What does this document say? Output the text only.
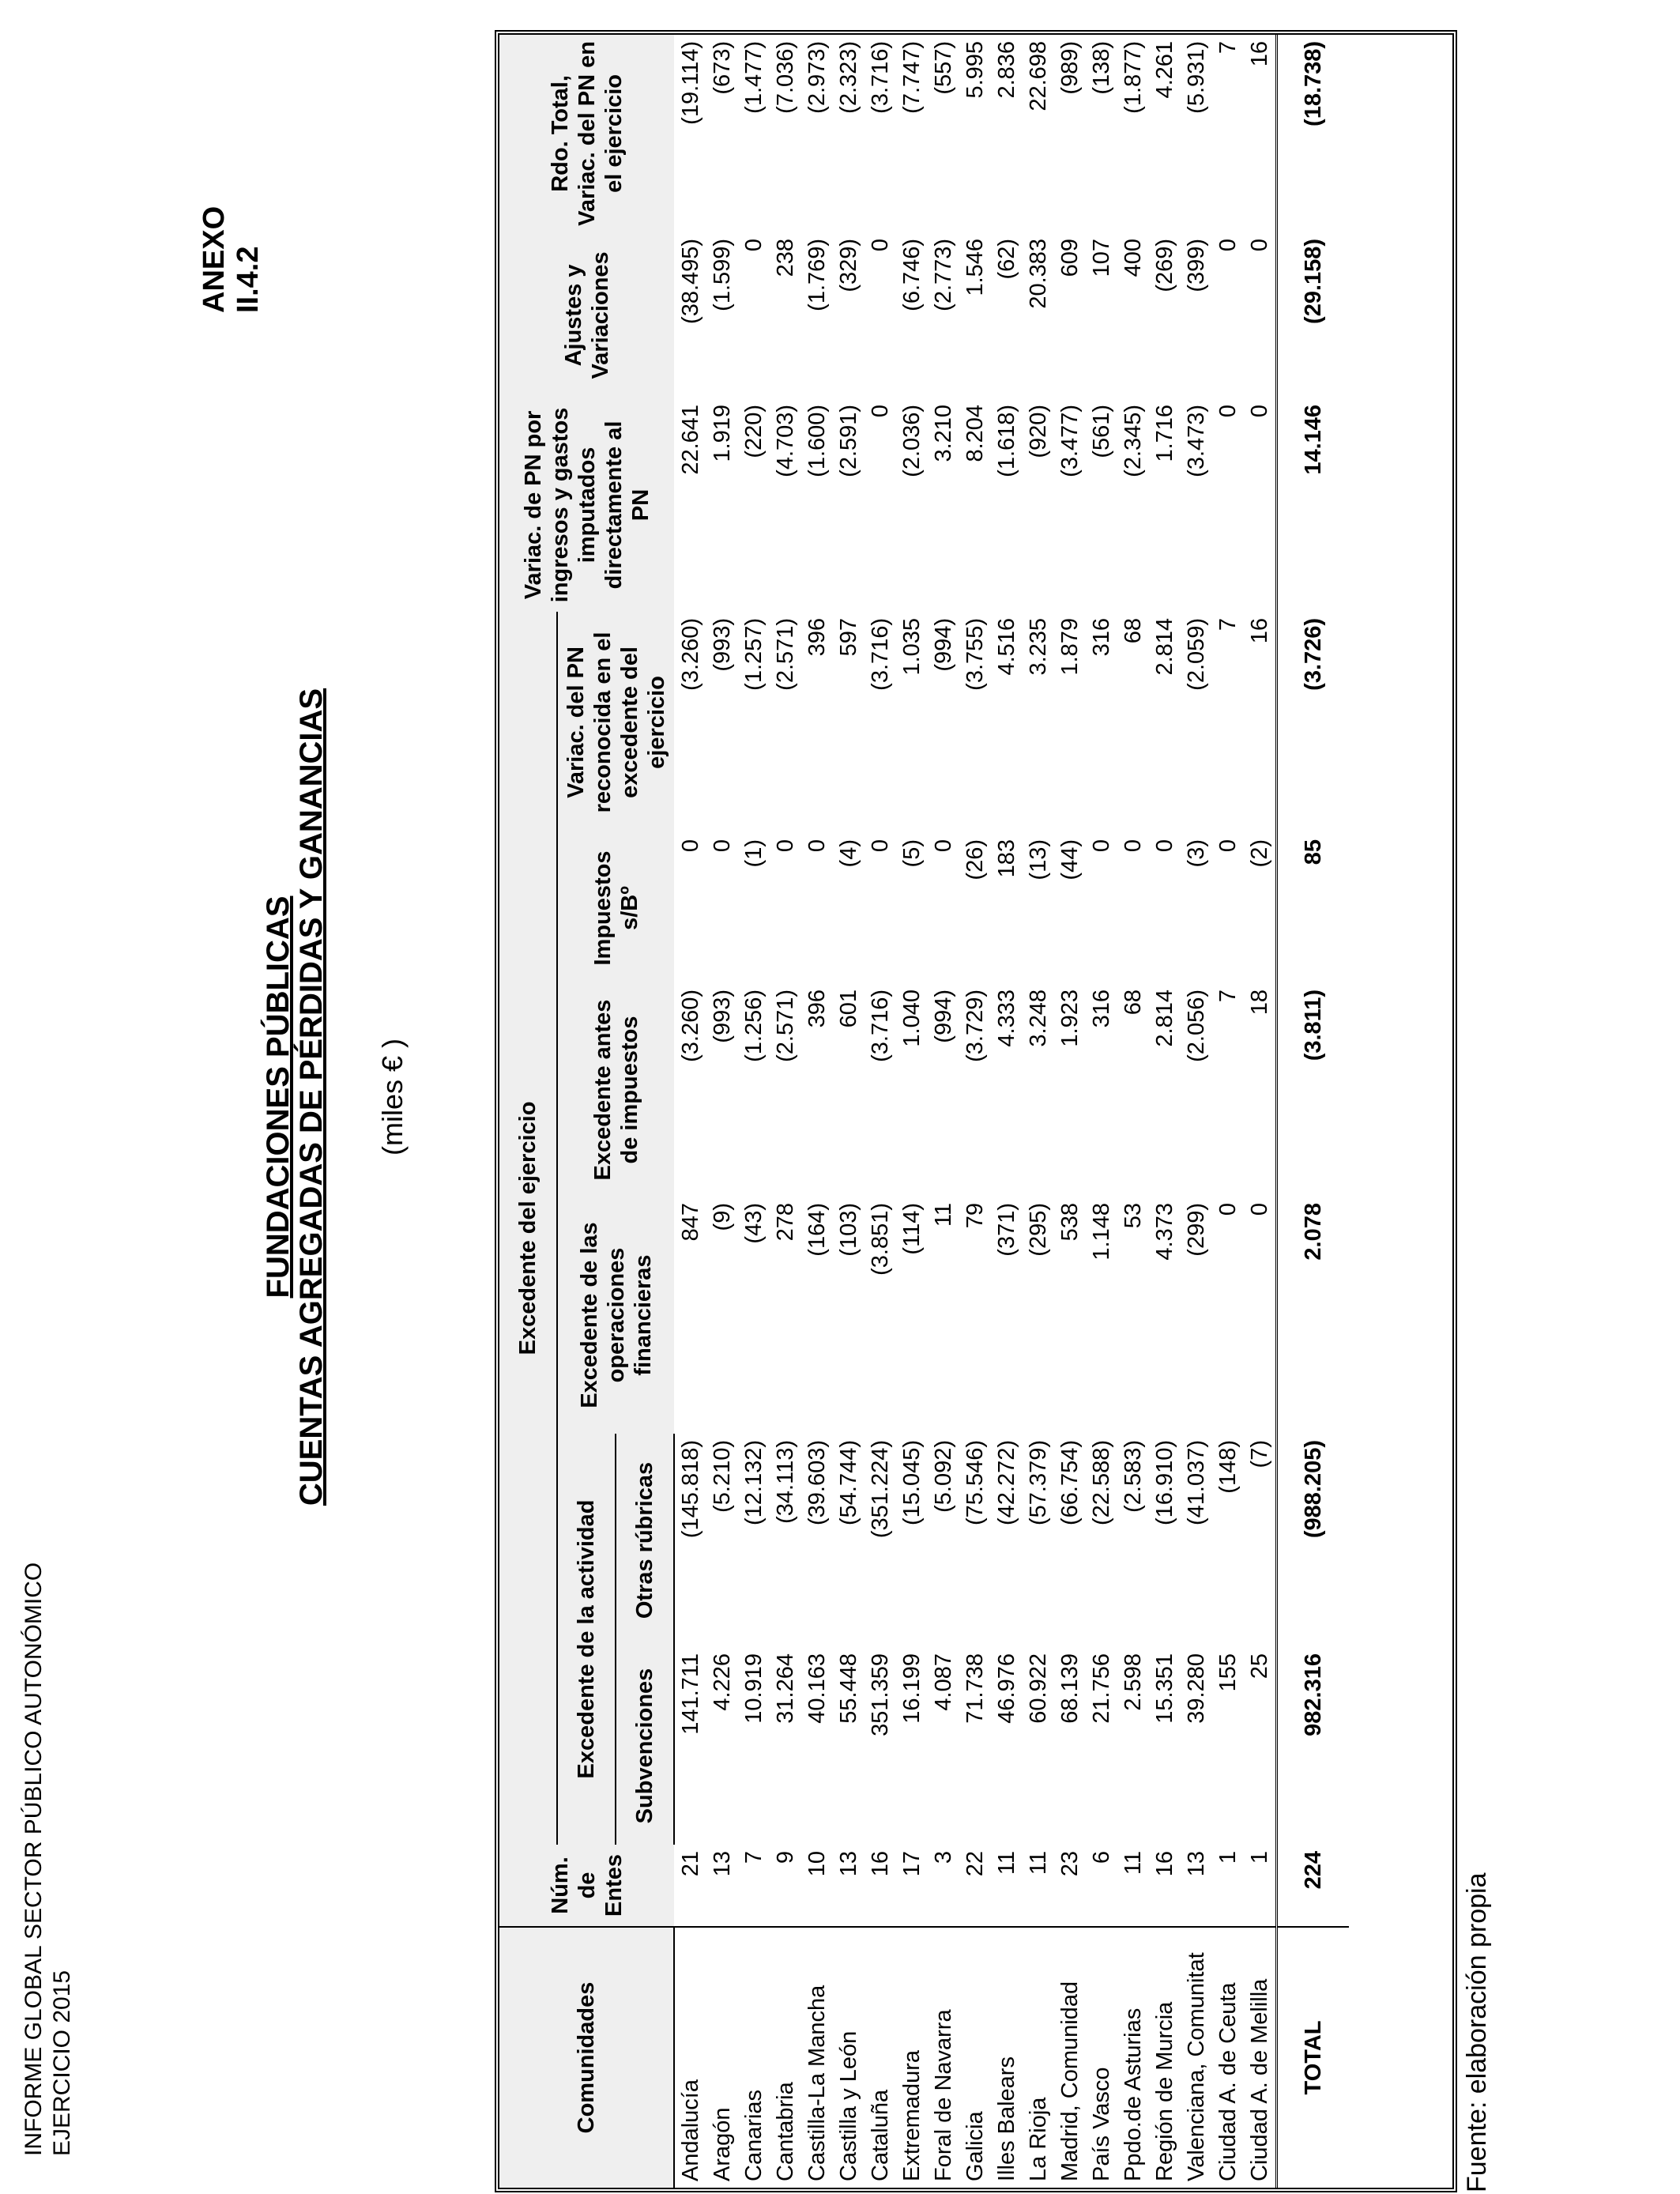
INFORME GLOBAL SECTOR PÚBLICO AUTONÓMICO EJERCICIO 2015
ANEXO II.4.2
FUNDACIONES PÚBLICAS
CUENTAS AGREGADAS DE PÉRDIDAS Y GANANCIAS (miles € )
Comunidades	Núm. de Entes	Excedente del ejercicio						Variac. de PN por ingresos y gastos imputados directamente al PN	Ajustes y Variaciones	Rdo. Total, Variac. del PN en el ejercicio
		Excedente de la actividad		Excedente de las operaciones financieras	Excedente antes de impuestos	Impuestos s/Bº	Variac. del PN reconocida en el excedente del ejercicio			
		Subvenciones	Otras rúbricas							
Andalucía	21	141.711	(145.818)	847	(3.260)	0	(3.260)	22.641	(38.495)	(19.114)
Aragón	13	4.226	(5.210)	(9)	(993)	0	(993)	1.919	(1.599)	(673)
Canarias	7	10.919	(12.132)	(43)	(1.256)	(1)	(1.257)	(220)	0	(1.477)
Cantabria	9	31.264	(34.113)	278	(2.571)	0	(2.571)	(4.703)	238	(7.036)
Castilla-La Mancha	10	40.163	(39.603)	(164)	396	0	396	(1.600)	(1.769)	(2.973)
Castilla y León	13	55.448	(54.744)	(103)	601	(4)	597	(2.591)	(329)	(2.323)
Cataluña	16	351.359	(351.224)	(3.851)	(3.716)	0	(3.716)	0	0	(3.716)
Extremadura	17	16.199	(15.045)	(114)	1.040	(5)	1.035	(2.036)	(6.746)	(7.747)
Foral de Navarra	3	4.087	(5.092)	11	(994)	0	(994)	3.210	(2.773)	(557)
Galicia	22	71.738	(75.546)	79	(3.729)	(26)	(3.755)	8.204	1.546	5.995
Illes Balears	11	46.976	(42.272)	(371)	4.333	183	4.516	(1.618)	(62)	2.836
La Rioja	11	60.922	(57.379)	(295)	3.248	(13)	3.235	(920)	20.383	22.698
Madrid, Comunidad	23	68.139	(66.754)	538	1.923	(44)	1.879	(3.477)	609	(989)
País Vasco	6	21.756	(22.588)	1.148	316	0	316	(561)	107	(138)
Ppdo.de Asturias	11	2.598	(2.583)	53	68	0	68	(2.345)	400	(1.877)
Región de Murcia	16	15.351	(16.910)	4.373	2.814	0	2.814	1.716	(269)	4.261
Valenciana, Comunitat	13	39.280	(41.037)	(299)	(2.056)	(3)	(2.059)	(3.473)	(399)	(5.931)
Ciudad A. de Ceuta	1	155	(148)	0	7	0	7	0	0	7
Ciudad A. de Melilla	1	25	(7)	0	18	(2)	16	0	0	16
TOTAL	224	982.316	(988.205)	2.078	(3.811)	85	(3.726)	14.146	(29.158)	(18.738)
Fuente: elaboración propia
